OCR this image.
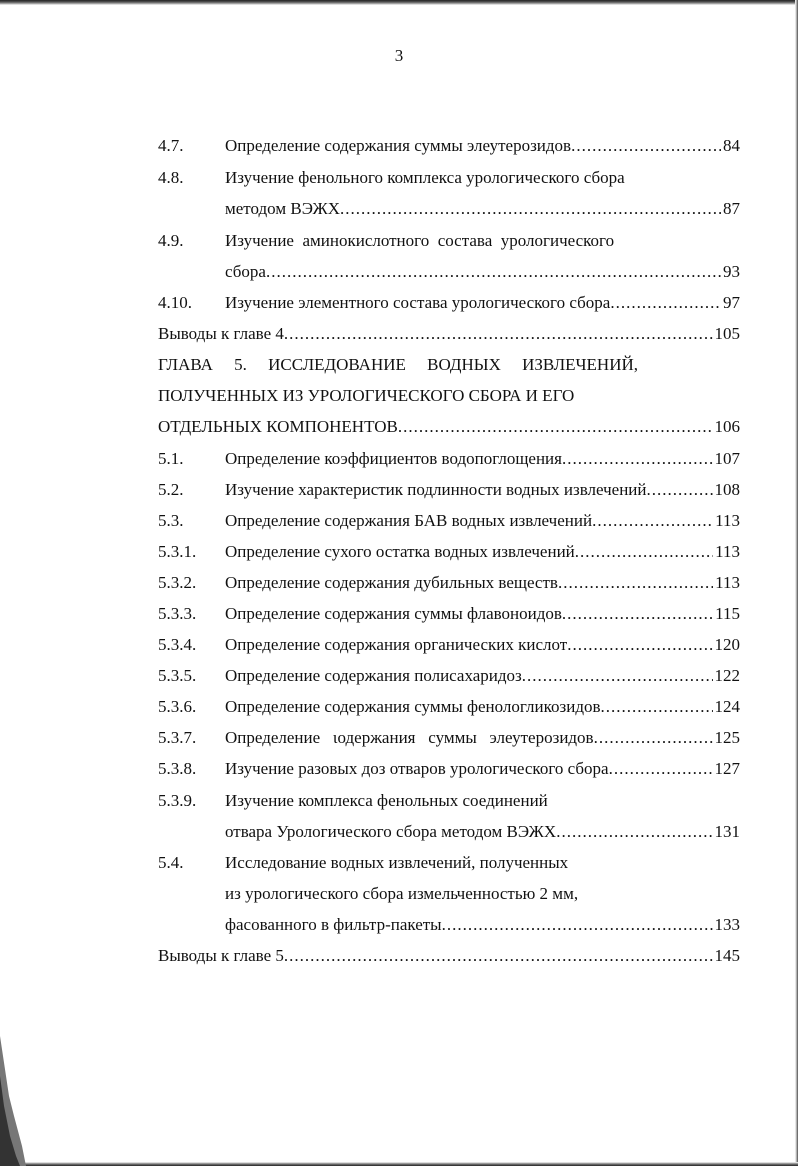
3
4.7. Определение содержания суммы элеутерозидов .....	84
4.8. Изучение фенольного комплекса урологического сбора
методом ВЭЖХ .....	87
4.9. Изучение  аминокислотного  состава  урологического
сбора .....	93
4.10. Изучение элементного состава урологического сбора .....	97
Выводы к главе 4 .....	105
ГЛАВА 5. ИССЛЕДОВАНИЕ ВОДНЫХ ИЗВЛЕЧЕНИЙ,
ПОЛУЧЕННЫХ ИЗ УРОЛОГИЧЕСКОГО СБОРА И ЕГО
ОТДЕЛЬНЫХ КОМПОНЕНТОВ .....	106
5.1. Определение коэффициентов водопоглощения .....	107
5.2. Изучение характеристик подлинности водных извлечений .....	108
5.3. Определение содержания БАВ водных извлечений .....	113
5.3.1. Определение сухого остатка водных извлечений .....	113
5.3.2. Определение содержания дубильных веществ .....	113
5.3.3. Определение содержания суммы флавоноидов .....	115
5.3.4. Определение содержания органических кислот .....	120
5.3.5. Определение содержания полисахаридоз .....	122
5.3.6. Определение содержания суммы фенологликозидов .....	124
5.3.7. Определение   ιодержания   суммы   элеутерозидов .....	125
5.3.8. Изучение разовых доз отваров урологического сбора .....	127
5.3.9. Изучение комплекса фенольных соединений
отвара Урологического сбора методом ВЭЖХ .....	131
5.4. Исследование водных извлечений, полученных
из урологического сбора измельченностью 2 мм,
фасованного в фильтр-пакеты .....	133
Выводы к главе 5 .....	145
